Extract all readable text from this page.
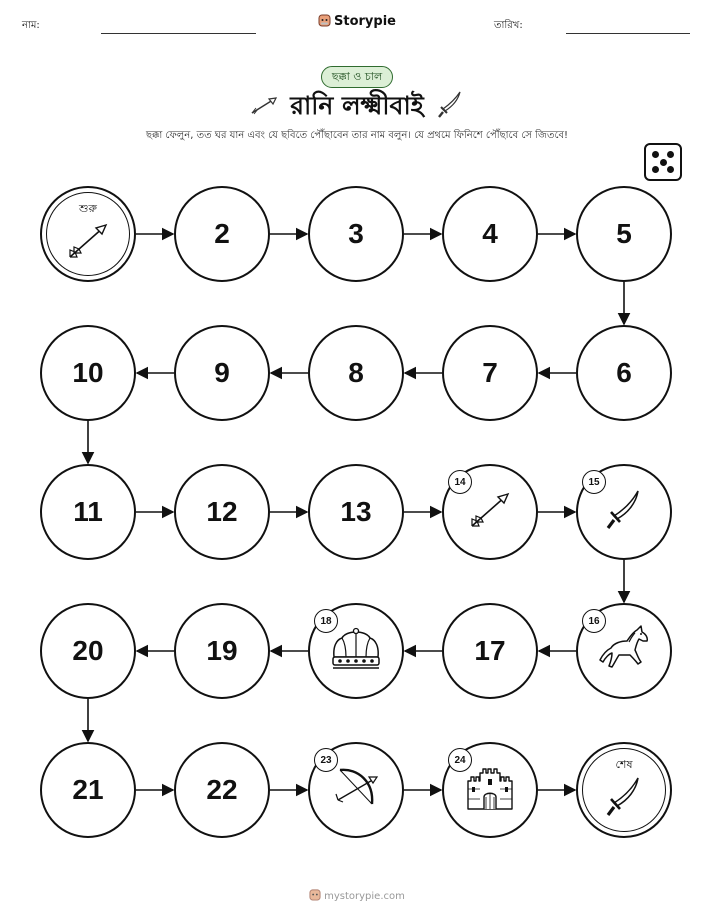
নাম:	Storypie	তারিখ:
ছক্কা ও চাল
রানি লক্ষ্মীবাই
ছক্কা ফেলুন, তত ঘর যান এবং যে ছবিতে পৌঁছাবেন তার নাম বলুন। যে প্রথমে ফিনিশে পৌঁছাবে সে জিতবে!
শুরু
2	3	4	5
6
7
8
9
10
11	12	13
14	15
16
17
18
19
20
21	22
23	24	শেষ
mystorypie.com
